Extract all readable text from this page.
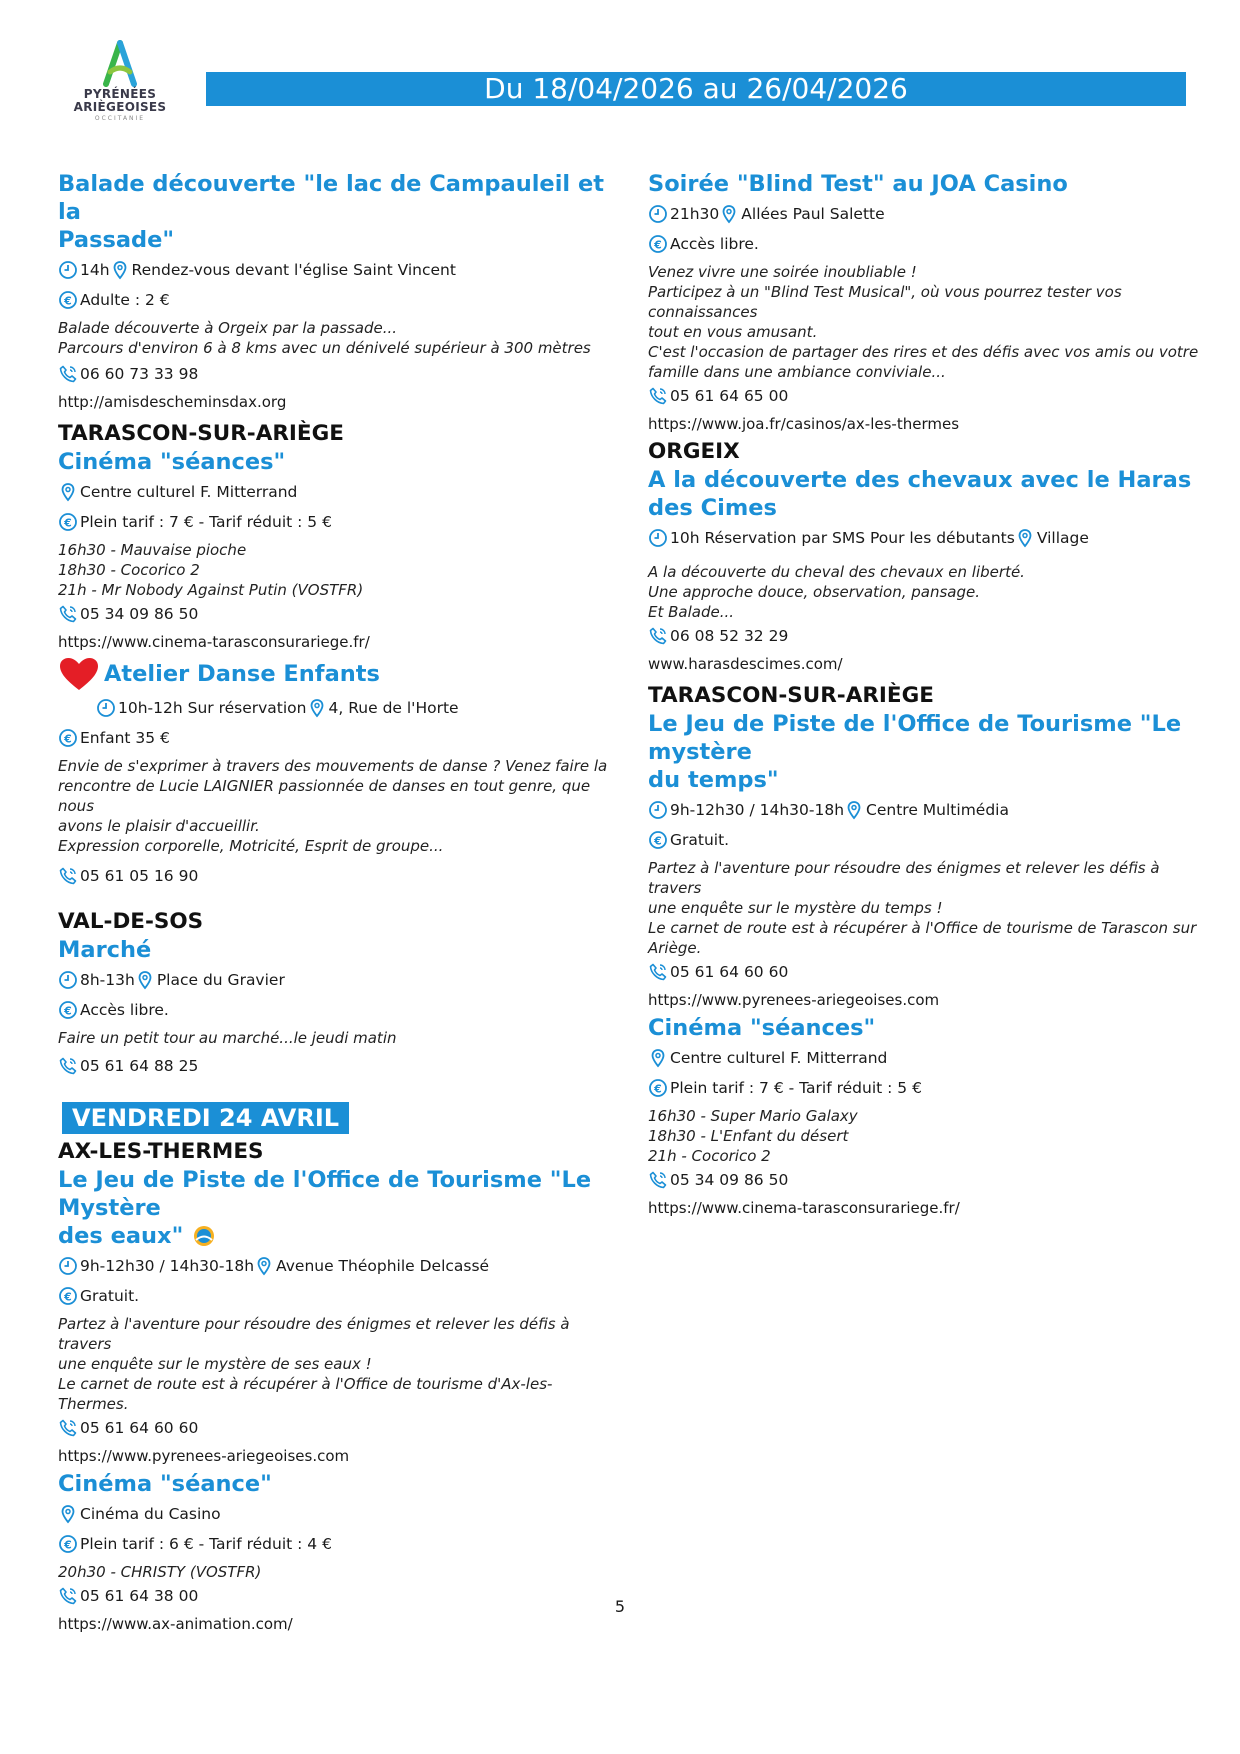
PYRÉNÉES
ARIÈGEOISES
OCCITANIE
Du 18/04/2026 au 26/04/2026
Balade découverte "le lac de Campauleil et la
Passade"
14h Rendez-vous devant l'église Saint Vincent
Adulte : 2 €
Balade découverte à Orgeix par la passade...
Parcours d'environ 6 à 8 kms avec un dénivelé supérieur à 300 mètres
06 60 73 33 98
http://amisdescheminsdax.org
TARASCON-SUR-ARIÈGE
Cinéma "séances"
Centre culturel F. Mitterrand
Plein tarif : 7 € - Tarif réduit : 5 €
16h30 - Mauvaise pioche
18h30 - Cocorico 2
21h - Mr Nobody Against Putin (VOSTFR)
05 34 09 86 50
https://www.cinema-tarasconsurariege.fr/
Atelier Danse Enfants
10h-12h Sur réservation 4, Rue de l'Horte
Enfant 35 €
Envie de s'exprimer à travers des mouvements de danse ? Venez faire la
rencontre de Lucie LAIGNIER passionnée de danses en tout genre, que nous
avons le plaisir d'accueillir.
Expression corporelle, Motricité, Esprit de groupe...
05 61 05 16 90
VAL-DE-SOS
Marché
8h-13h Place du Gravier
Accès libre.
Faire un petit tour au marché...le jeudi matin
05 61 64 88 25
VENDREDI 24 AVRIL
AX-LES-THERMES
Le Jeu de Piste de l'Office de Tourisme "Le Mystère
des eaux"
9h-12h30 / 14h30-18h Avenue Théophile Delcassé
Gratuit.
Partez à l'aventure pour résoudre des énigmes et relever les défis à travers
une enquête sur le mystère de ses eaux !
Le carnet de route est à récupérer à l'Office de tourisme d'Ax-les-Thermes.
05 61 64 60 60
https://www.pyrenees-ariegeoises.com
Cinéma "séance"
Cinéma du Casino
Plein tarif : 6 € - Tarif réduit : 4 €
20h30 - CHRISTY (VOSTFR)
05 61 64 38 00
https://www.ax-animation.com/
Soirée "Blind Test" au JOA Casino
21h30 Allées Paul Salette
Accès libre.
Venez vivre une soirée inoubliable !
Participez à un "Blind Test Musical", où vous pourrez tester vos connaissances
tout en vous amusant.
C'est l'occasion de partager des rires et des défis avec vos amis ou votre
famille dans une ambiance conviviale...
05 61 64 65 00
https://www.joa.fr/casinos/ax-les-thermes
ORGEIX
A la découverte des chevaux avec le Haras des Cimes
10h Réservation par SMS Pour les débutants Village
A la découverte du cheval des chevaux en liberté.
Une approche douce, observation, pansage.
Et Balade...
06 08 52 32 29
www.harasdescimes.com/
TARASCON-SUR-ARIÈGE
Le Jeu de Piste de l'Office de Tourisme "Le mystère
du temps"
9h-12h30 / 14h30-18h Centre Multimédia
Gratuit.
Partez à l'aventure pour résoudre des énigmes et relever les défis à travers
une enquête sur le mystère du temps !
Le carnet de route est à récupérer à l'Office de tourisme de Tarascon sur
Ariège.
05 61 64 60 60
https://www.pyrenees-ariegeoises.com
Cinéma "séances"
Centre culturel F. Mitterrand
Plein tarif : 7 € - Tarif réduit : 5 €
16h30 - Super Mario Galaxy
18h30 - L'Enfant du désert
21h - Cocorico 2
05 34 09 86 50
https://www.cinema-tarasconsurariege.fr/
5
